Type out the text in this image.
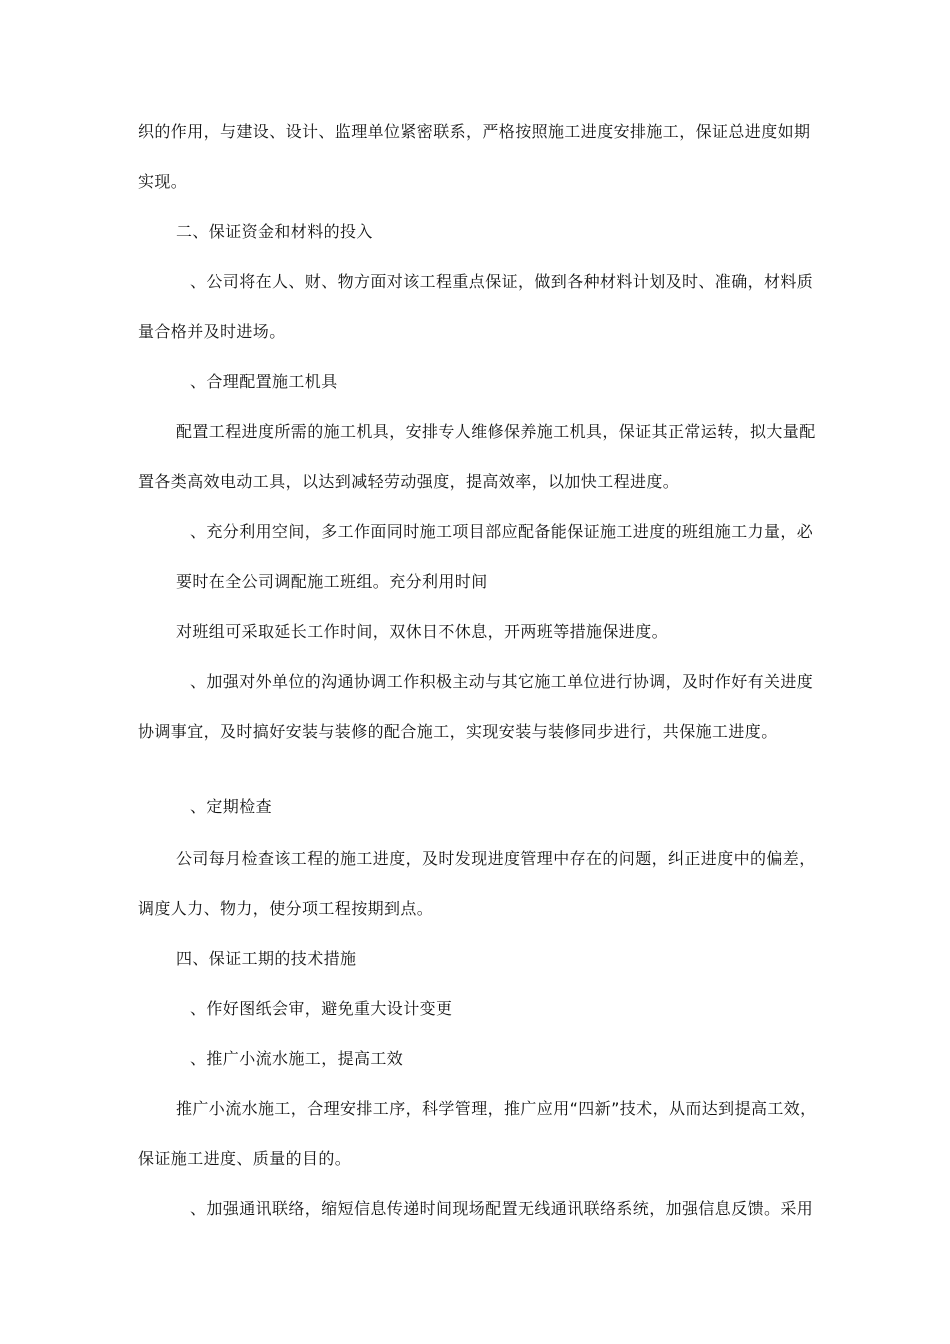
织的作用，与建设、设计、监理单位紧密联系，严格按照施工进度安排施工，保证总进度如期
实现。
二、保证资金和材料的投入
、公司将在人、财、物方面对该工程重点保证，做到各种材料计划及时、准确，材料质
量合格并及时进场。
、合理配置施工机具
配置工程进度所需的施工机具，安排专人维修保养施工机具，保证其正常运转，拟大量配
置各类高效电动工具，以达到减轻劳动强度，提高效率，以加快工程进度。
、充分利用空间，多工作面同时施工项目部应配备能保证施工进度的班组施工力量，必
要时在全公司调配施工班组。充分利用时间
对班组可采取延长工作时间，双休日不休息，开两班等措施保进度。
、加强对外单位的沟通协调工作积极主动与其它施工单位进行协调，及时作好有关进度
协调事宜，及时搞好安装与装修的配合施工，实现安装与装修同步进行，共保施工进度。
、定期检查
公司每月检查该工程的施工进度，及时发现进度管理中存在的问题，纠正进度中的偏差，
调度人力、物力，使分项工程按期到点。
四、保证工期的技术措施
、作好图纸会审，避免重大设计变更
、推广小流水施工，提高工效
推广小流水施工，合理安排工序，科学管理，推广应用“四新”技术，从而达到提高工效，
保证施工进度、质量的目的。
、加强通讯联络，缩短信息传递时间现场配置无线通讯联络系统，加强信息反馈。采用
